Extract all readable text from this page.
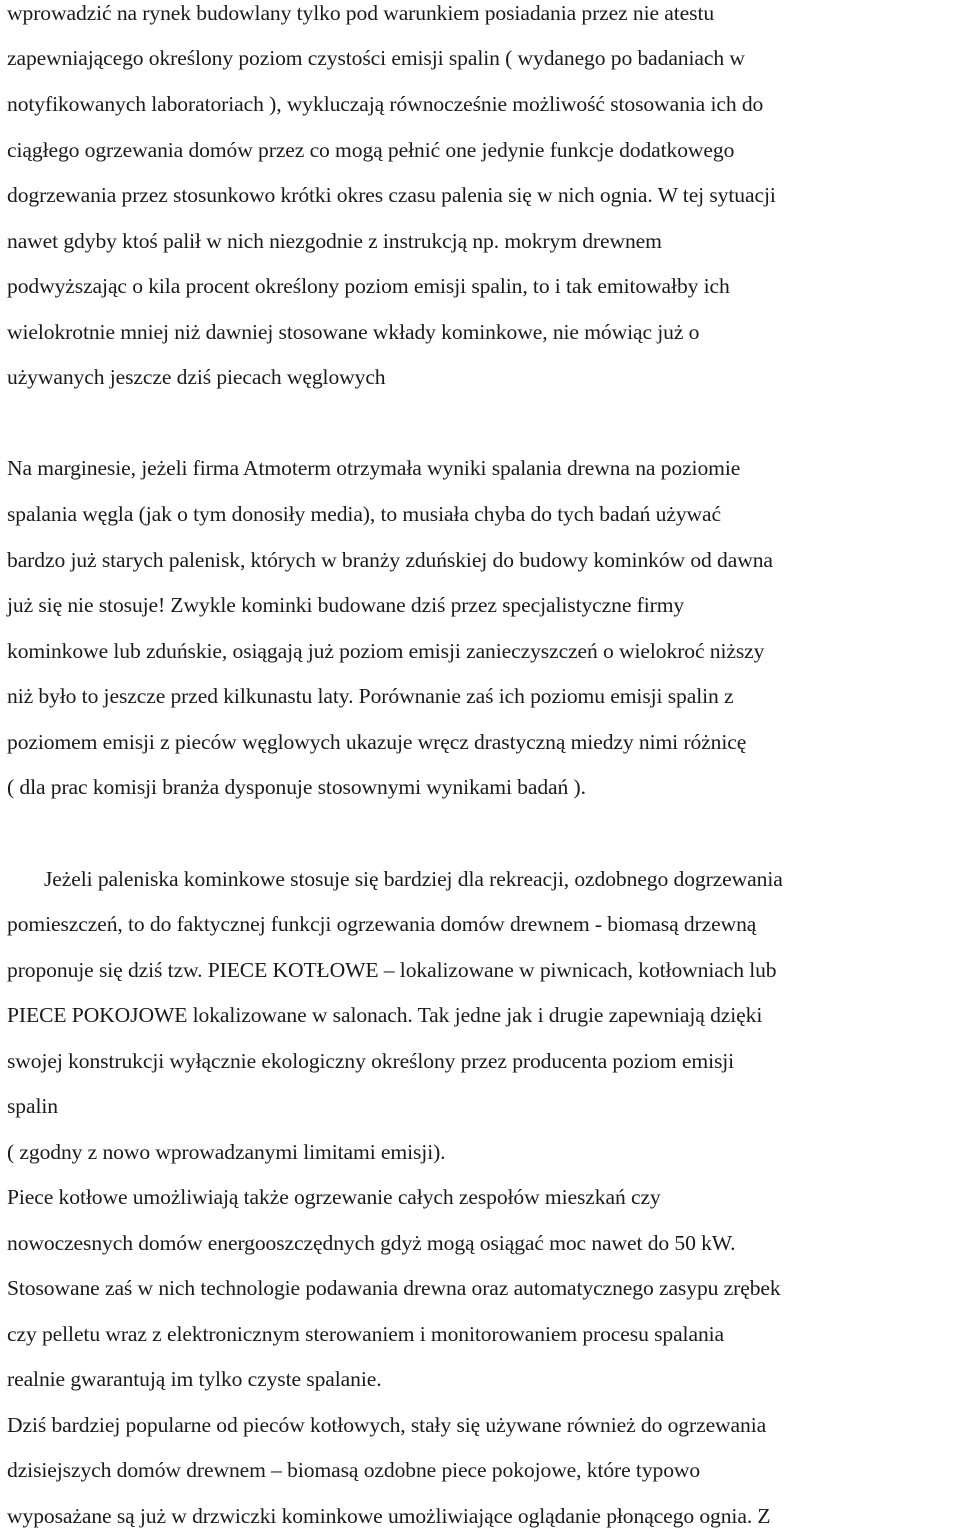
wprowadzić na rynek budowlany tylko pod warunkiem posiadania przez nie atestu
zapewniającego określony poziom czystości emisji spalin ( wydanego po badaniach w
notyfikowanych laboratoriach ), wykluczają równocześnie możliwość stosowania ich do
ciągłego ogrzewania domów przez co mogą pełnić one jedynie funkcje dodatkowego
dogrzewania przez stosunkowo krótki okres czasu palenia się w nich ognia. W tej sytuacji
nawet gdyby ktoś palił w nich niezgodnie z instrukcją np. mokrym drewnem
podwyższając o kila procent określony poziom emisji spalin, to i tak emitowałby ich
wielokrotnie mniej niż dawniej stosowane wkłady kominkowe, nie mówiąc już o
używanych jeszcze dziś piecach węglowych
Na marginesie, jeżeli firma Atmoterm otrzymała wyniki spalania drewna na poziomie
spalania węgla (jak o tym donosiły media), to musiała chyba do tych badań używać
bardzo już starych palenisk, których w branży zduńskiej do budowy kominków od dawna
już się nie stosuje! Zwykle kominki budowane dziś przez specjalistyczne firmy
kominkowe lub zduńskie, osiągają już poziom emisji zanieczyszczeń o wielokroć niższy
niż było to jeszcze przed kilkunastu laty. Porównanie zaś ich poziomu emisji spalin z
poziomem emisji z pieców węglowych ukazuje wręcz drastyczną miedzy nimi różnicę
( dla prac komisji branża dysponuje stosownymi wynikami badań ).
Jeżeli paleniska kominkowe stosuje się bardziej dla rekreacji, ozdobnego dogrzewania
pomieszczeń, to do faktycznej funkcji ogrzewania domów drewnem - biomasą drzewną
proponuje się dziś tzw. PIECE KOTŁOWE – lokalizowane w piwnicach, kotłowniach lub
PIECE POKOJOWE lokalizowane w salonach. Tak jedne jak i drugie zapewniają dzięki
swojej konstrukcji wyłącznie ekologiczny określony przez producenta poziom emisji
spalin
( zgodny z nowo wprowadzanymi limitami emisji).
Piece kotłowe umożliwiają także ogrzewanie całych zespołów mieszkań czy
nowoczesnych domów energooszczędnych gdyż mogą osiągać moc nawet do 50 kW.
Stosowane zaś w nich technologie podawania drewna oraz automatycznego zasypu zrębek
czy pelletu wraz z elektronicznym sterowaniem i monitorowaniem procesu spalania
realnie gwarantują im tylko czyste spalanie.
Dziś bardziej popularne od pieców kotłowych, stały się używane również do ogrzewania
dzisiejszych domów drewnem – biomasą ozdobne piece pokojowe, które typowo
wyposażane są już w drzwiczki kominkowe umożliwiające oglądanie płonącego ognia. Z
